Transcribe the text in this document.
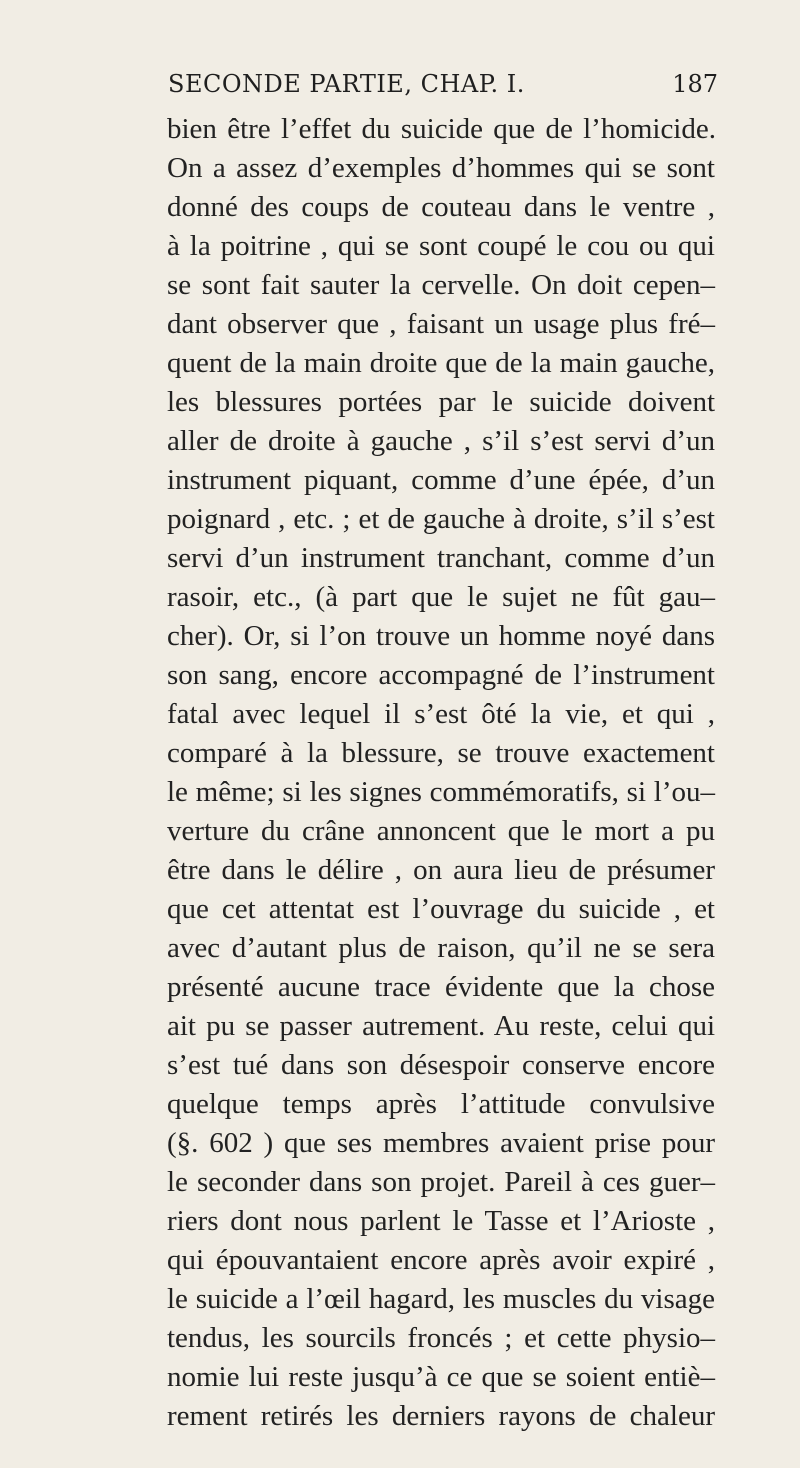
SECONDE PARTIE, CHAP. I.	187
bien être l’effet du suicide que de l’homicide.
On a assez d’exemples d’hommes qui se sont
donné des coups de couteau dans le ventre ,
à la poitrine , qui se sont coupé le cou ou qui
se sont fait sauter la cervelle. On doit cepen–
dant observer que , faisant un usage plus fré–
quent de la main droite que de la main gauche,
les blessures portées par le suicide doivent
aller de droite à gauche , s’il s’est servi d’un
instrument piquant, comme d’une épée, d’un
poignard , etc. ; et de gauche à droite, s’il s’est
servi d’un instrument tranchant, comme d’un
rasoir, etc., (à part que le sujet ne fût gau–
cher). Or, si l’on trouve un homme noyé dans
son sang, encore accompagné de l’instrument
fatal avec lequel il s’est ôté la vie, et qui ,
comparé à la blessure, se trouve exactement
le même; si les signes commémoratifs, si l’ou–
verture du crâne annoncent que le mort a pu
être dans le délire , on aura lieu de présumer
que cet attentat est l’ouvrage du suicide , et
avec d’autant plus de raison, qu’il ne se sera
présenté aucune trace évidente que la chose
ait pu se passer autrement. Au reste, celui qui
s’est tué dans son désespoir conserve encore
quelque temps après l’attitude convulsive
(§. 602 ) que ses membres avaient prise pour
le seconder dans son projet. Pareil à ces guer–
riers dont nous parlent le Tasse et l’Arioste ,
qui épouvantaient encore après avoir expiré ,
le suicide a l’œil hagard, les muscles du visage
tendus, les sourcils froncés ; et cette physio–
nomie lui reste jusqu’à ce que se soient entiè–
rement retirés les derniers rayons de chaleur
